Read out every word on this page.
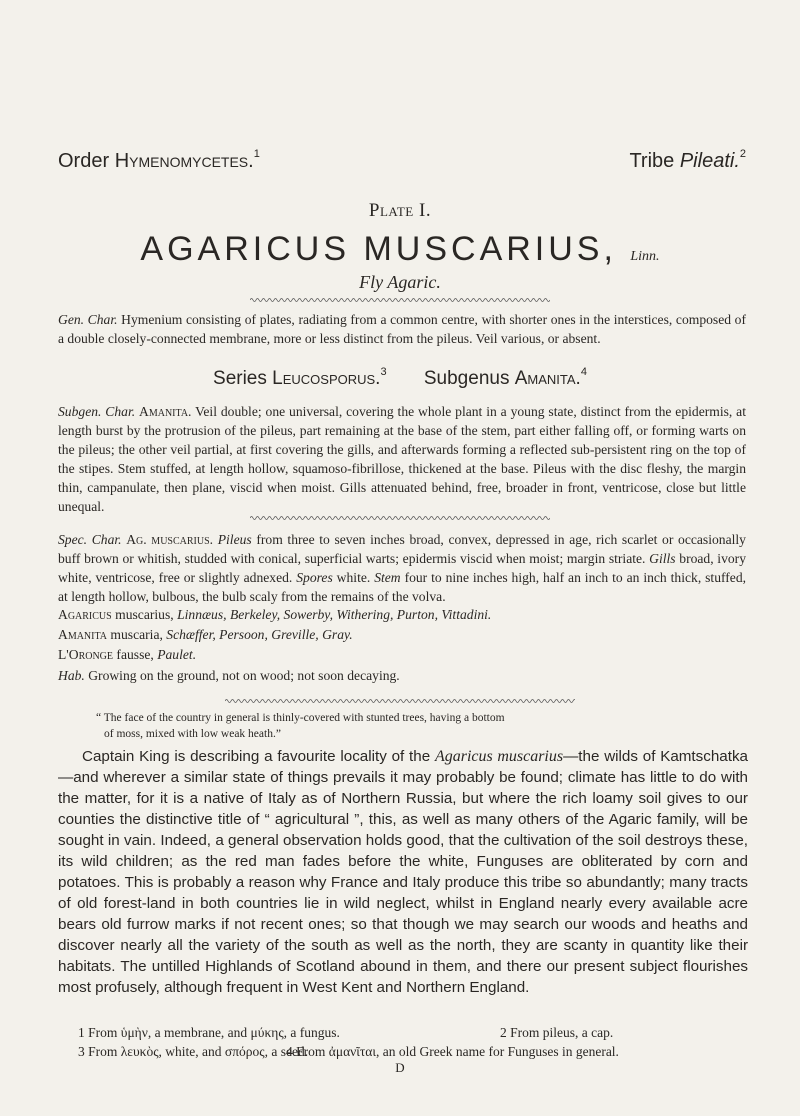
Order Hymenomycetes.$^1$	Tribe Pileati.$^2$
Plate I.
AGARICUS MUSCARIUS, Linn.
Fly Agaric.

Gen. Char. Hymenium consisting of plates, radiating from a common centre, with shorter ones in the interstices, composed of a double closely-connected membrane, more or less distinct from the pileus. Veil various, or absent.

Series Leucosporus.$^3$ Subgenus Amanita.$^4$

Subgen. Char. Amanita. Veil double; one universal, covering the whole plant in a young state, distinct from the epidermis, at length burst by the protrusion of the pileus, part remaining at the base of the stem, part either falling off, or forming warts on the pileus; the other veil partial, at first covering the gills, and afterwards forming a reflected sub-persistent ring on the top of the stipes. Stem stuffed, at length hollow, squamoso-fibrillose, thickened at the base. Pileus with the disc fleshy, the margin thin, campanulate, then plane, viscid when moist. Gills attenuated behind, free, broader in front, ventricose, close but little unequal.

Spec. Char. Ag. muscarius. Pileus from three to seven inches broad, convex, depressed in age, rich scarlet or occasionally buff brown or whitish, studded with conical, superficial warts; epidermis viscid when moist; margin striate. Gills broad, ivory white, ventricose, free or slightly adnexed. Spores white. Stem four to nine inches high, half an inch to an inch thick, stuffed, at length hollow, bulbous, the bulb scaly from the remains of the volva.

Agaricus muscarius, Linnæus, Berkeley, Sowerby, Withering, Purton, Vittadini.
Amanita muscaria, Schæffer, Persoon, Greville, Gray.
L'Oronge fausse, Paulet.
Hab. Growing on the ground, not on wood; not soon decaying.
“ The face of the country in general is thinly-covered with stunted trees, having a bottom
of moss, mixed with low weak heath.”

Captain King is describing a favourite locality of the Agaricus muscarius—the wilds of Kamtschatka—and wherever a similar state of things prevails it may probably be found; climate has little to do with the matter, for it is a native of Italy as of Northern Russia, but where the rich loamy soil gives to our counties the distinctive title of “ agricultural ”, this, as well as many others of the Agaric family, will be sought in vain. Indeed, a general observation holds good, that the cultivation of the soil destroys these, its wild children; as the red man fades before the white, Funguses are obliterated by corn and potatoes. This is probably a reason why France and Italy produce this tribe so abundantly; many tracts of old forest-land in both countries lie in wild neglect, whilst in England nearly every available acre bears old furrow marks if not recent ones; so that though we may search our woods and heaths and discover nearly all the variety of the south as well as the north, they are scanty in quantity like their habitats. The untilled Highlands of Scotland abound in them, and there our present subject flourishes most profusely, although frequent in West Kent and Northern England.

1 From ὑμὴν, a membrane, and μύκης, a fungus.	2 From pileus, a cap.
3 From λευκὸς, white, and σπόρος, a seed.
4 From ἀμανῖται, an old Greek name for Funguses in general.
D
